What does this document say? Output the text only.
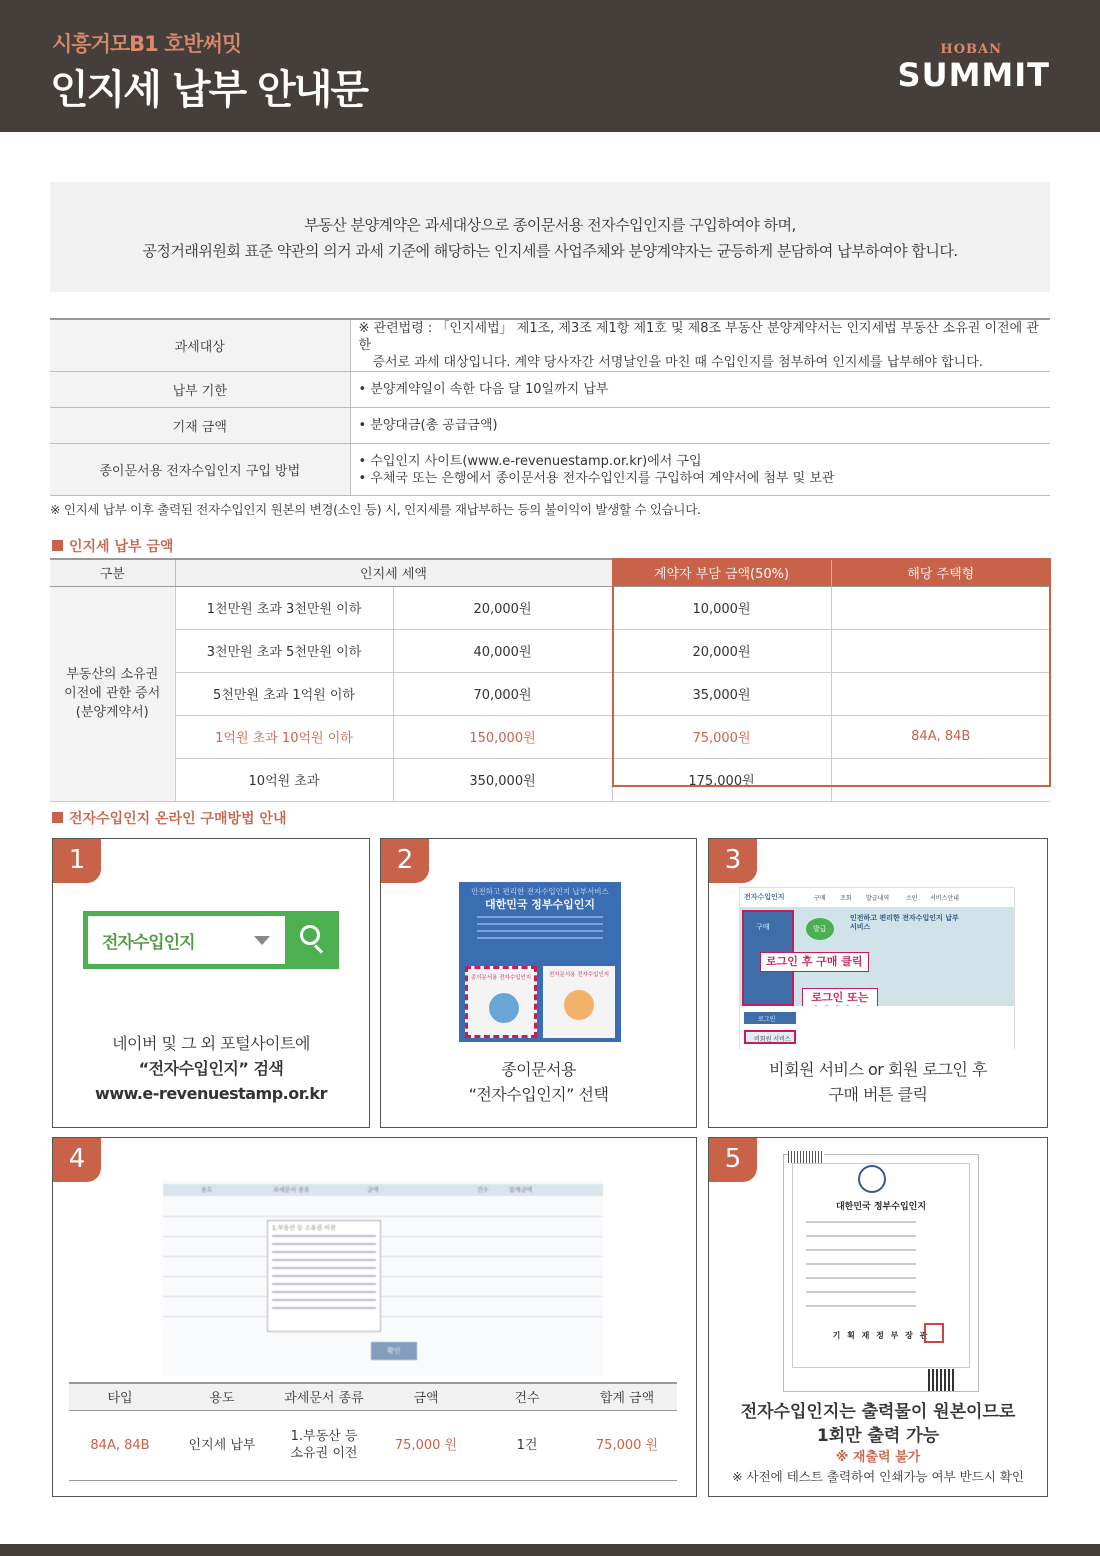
시흥거모B1 호반써밋
인지세 납부 안내문
HOBAN
SUMMIT
부동산 분양계약은 과세대상으로 종이문서용 전자수입인지를 구입하여야 하며,
공정거래위원회 표준 약관의 의거 과세 기준에 해당하는 인지세를 사업주체와 분양계약자는 균등하게 분담하여 납부하여야 합니다.
과세대상	※ 관련법령 : 「인지세법」 제1조, 제3조 제1항 제1호 및 제8조 부동산 분양계약서는 인지세법 부동산 소유권 이전에 관한
증서로 과세 대상입니다. 계약 당사자간 서명날인을 마친 때 수입인지를 첨부하여 인지세를 납부해야 합니다.

납부 기한	• 분양계약일이 속한 다음 달 10일까지 납부
기재 금액	• 분양대금(총 공급금액)
종이문서용 전자수입인지 구입 방법	• 수입인지 사이트(www.e-revenuestamp.or.kr)에서 구입
• 우체국 또는 은행에서 종이문서용 전자수입인지를 구입하여 계약서에 첨부 및 보관
※ 인지세 납부 이후 출력된 전자수입인지 원본의 변경(소인 등) 시, 인지세를 재납부하는 등의 불이익이 발생할 수 있습니다.
인지세 납부 금액
구분	인지세 세액		계약자 부담 금액(50%)	해당 주택형

부동산의 소유권
이전에 관한 증서
(분양계약서)	1천만원 초과 3천만원 이하	20,000원	10,000원	
	3천만원 초과 5천만원 이하	40,000원	20,000원	
	5천만원 초과 1억원 이하	70,000원	35,000원	
	1억원 초과 10억원 이하	150,000원	75,000원	84A, 84B
	10억원 초과	350,000원	175,000원	
전자수입인지 온라인 구매방법 안내
1
전자수입인지
네이버 및 그 외 포털사이트에
“전자수입인지” 검색
www.e-revenuestamp.or.kr
2
안전하고 편리한 전자수입인지 납부서비스
대한민국 정부수입인지
종이문서용 전자수입인지	전자문서용 전자수입인지
종이문서용
“전자수입인지” 선택
3
전자수입인지	구매 조회 발급내역	소인 서비스안내
인전하고 편리한 전자수입인지 납부서비스
구매	발급
로그인 후 구매 클릭
로그인 또는
로그인
비회원 서비스
비회원 서비스 or 회원 로그인 후
구매 버튼 클릭
4
용도	과세문서 종류	금액	건수	합계금액
1.부동산 등 소유권 이전
확인
타입	용도	과세문서 종류	금액	건수	합계 금액
84A, 84B	인지세 납부	1.부동산 등
소유권 이전	75,000 원	1건	75,000 원
5
대한민국 정부수입인지
기 획 재 정 부 장 관
전자수입인지는 출력물이 원본이므로
1회만 출력 가능
※ 재출력 불가
※ 사전에 테스트 출력하여 인쇄가능 여부 반드시 확인
